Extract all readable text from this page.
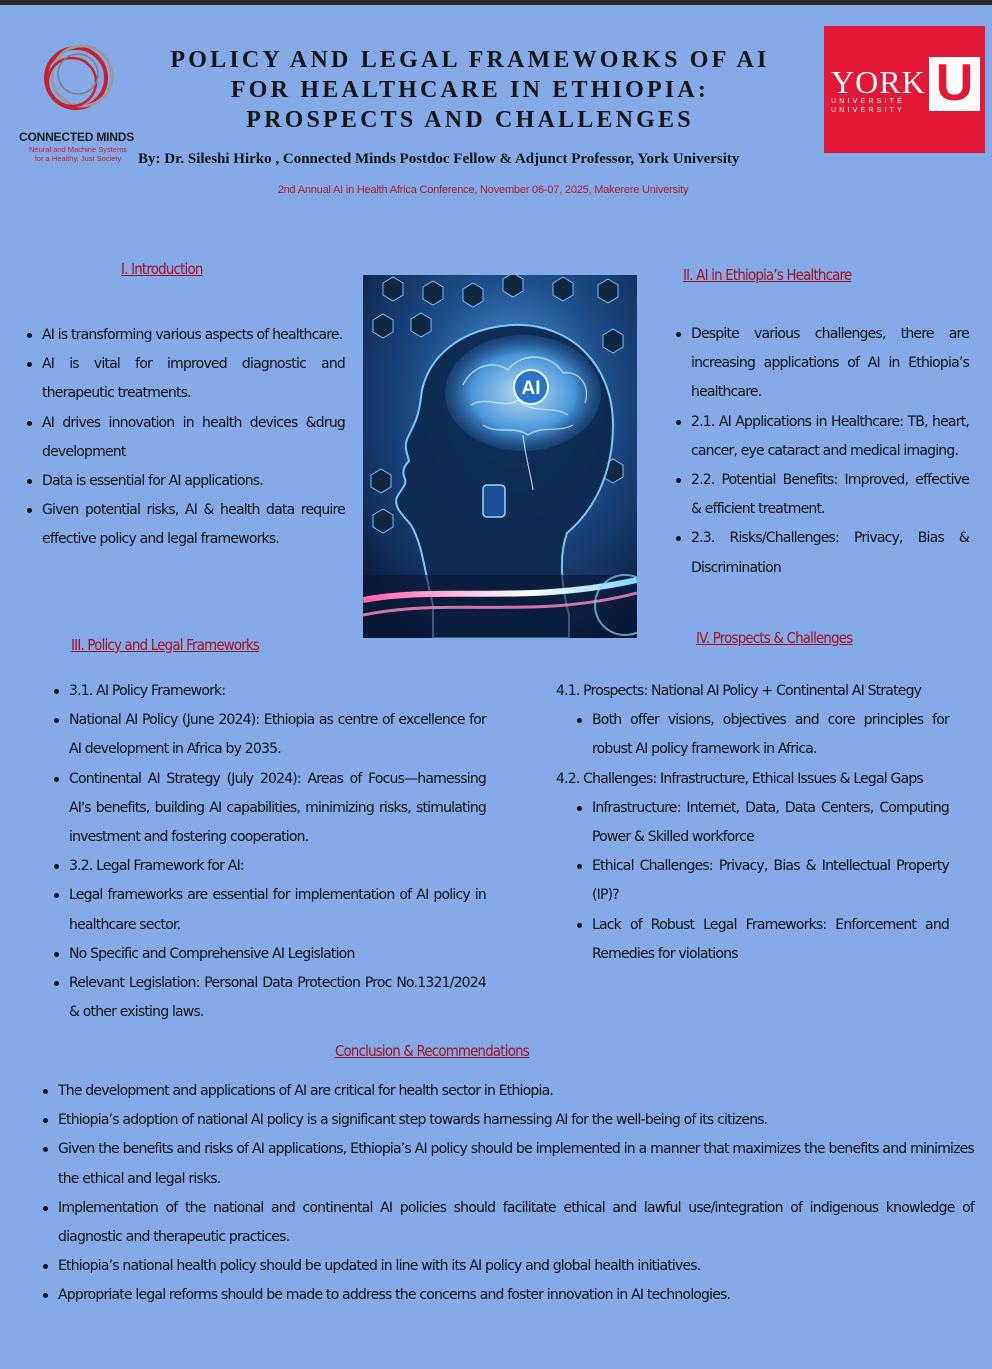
CONNECTED MINDS
Neural and Machine Systems
for a Healthy, Just Society
POLICY AND LEGAL FRAMEWORKS OF AI
FOR HEALTHCARE IN ETHIOPIA:
PROSPECTS AND CHALLENGES
YORK
UNIVERSITÉ
UNIVERSITY U
By: Dr. Sileshi Hirko , Connected Minds Postdoc Fellow & Adjunct Professor, York University
2nd Annual AI in Health Africa Conference, November 06-07, 2025, Makerere University
I. Introduction
AI is transforming various aspects of healthcare.
AI is vital for improved diagnostic and therapeutic treatments.
AI drives innovation in health devices &drug development
Data is essential for AI applications.
Given potential risks, AI & health data require effective policy and legal frameworks.
AI
II. AI in Ethiopia’s Healthcare
Despite various challenges, there are increasing applications of AI in Ethiopia’s healthcare.
2.1. AI Applications in Healthcare: TB, heart, cancer, eye cataract and medical imaging.
2.2. Potential Benefits: Improved, effective & efficient treatment.
2.3. Risks/Challenges: Privacy, Bias & Discrimination
III. Policy and Legal Frameworks
3.1. AI Policy Framework:
National AI Policy (June 2024): Ethiopia as centre of excellence for AI development in Africa by 2035.
Continental AI Strategy (July 2024): Areas of Focus—harnessing AI's benefits, building AI capabilities, minimizing risks, stimulating investment and fostering cooperation.
3.2. Legal Framework for AI:
Legal frameworks are essential for implementation of AI policy in healthcare sector.
No Specific and Comprehensive AI Legislation
Relevant Legislation: Personal Data Protection Proc No.1321/2024 & other existing laws.
IV. Prospects & Challenges
4.1. Prospects: National AI Policy + Continental AI Strategy
Both offer visions, objectives and core principles for robust AI policy framework in Africa.
4.2. Challenges: Infrastructure, Ethical Issues & Legal Gaps
Infrastructure: Internet, Data, Data Centers, Computing Power & Skilled workforce
Ethical Challenges: Privacy, Bias & Intellectual Property (IP)?
Lack of Robust Legal Frameworks: Enforcement and Remedies for violations
Conclusion & Recommendations
The development and applications of AI are critical for health sector in Ethiopia.
Ethiopia’s adoption of national AI policy is a significant step towards harnessing AI for the well-being of its citizens.
Given the benefits and risks of AI applications, Ethiopia’s AI policy should be implemented in a manner that maximizes the benefits and minimizes the ethical and legal risks.
Implementation of the national and continental AI policies should facilitate ethical and lawful use/integration of indigenous knowledge of diagnostic and therapeutic practices.
Ethiopia’s national health policy should be updated in line with its AI policy and global health initiatives.
Appropriate legal reforms should be made to address the concerns and foster innovation in AI technologies.
